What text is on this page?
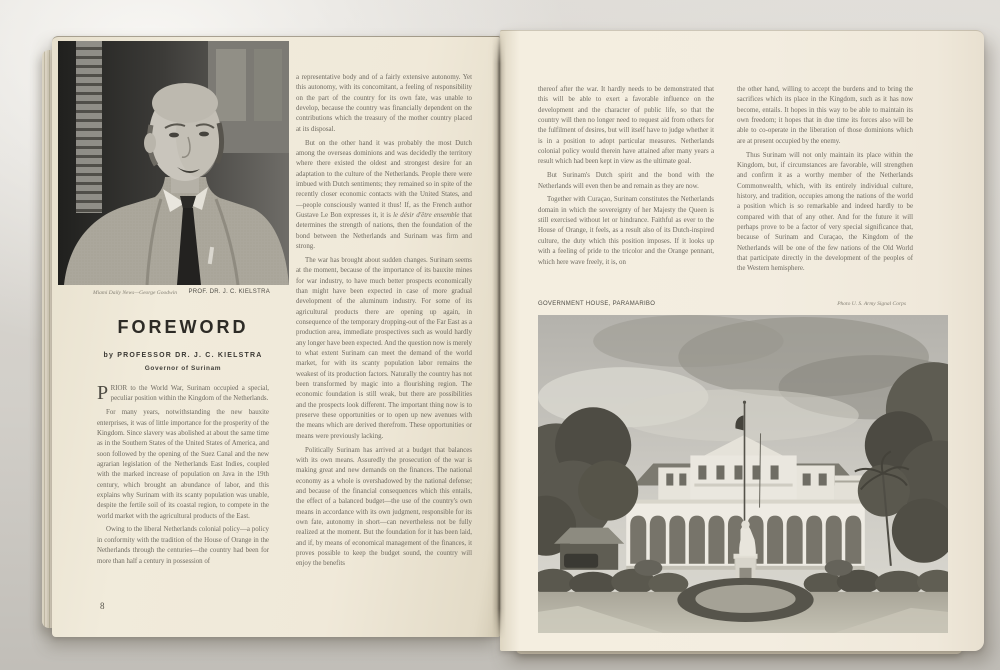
Miami Daily News—George Goodwin	PROF. DR. J. C. KIELSTRA
FOREWORD
by PROFESSOR DR. J. C. KIELSTRA
Governor of Surinam

PRIOR to the World War, Surinam occupied a special, peculiar position within the Kingdom of the Netherlands.

For many years, notwithstanding the new bauxite enterprises, it was of little importance for the prosperity of the Kingdom. Since slavery was abolished at about the same time as in the Southern States of the United States of America, and soon followed by the opening of the Suez Canal and the new agrarian legislation of the Netherlands East Indies, coupled with the marked increase of population on Java in the 19th century, which brought an abundance of labor, and this explains why Surinam with its scanty population was unable, despite the fertile soil of its coastal region, to compete in the world market with the agricultural products of the East.

Owing to the liberal Netherlands colonial policy—a policy in conformity with the tradition of the House of Orange in the Netherlands through the centuries—the country had been for more than half a century in possession of

a representative body and of a fairly extensive autonomy. Yet this autonomy, with its concomitant, a feeling of responsibility on the part of the country for its own fate, was unable to develop, because the country was financially dependent on the contributions which the treasury of the mother country placed at its disposal.

But on the other hand it was probably the most Dutch among the overseas dominions and was decidedly the territory where there existed the oldest and strongest desire for an adaptation to the culture of the Netherlands. People there were imbued with Dutch sentiments; they remained so in spite of the recently closer economic contacts with the United States, and—people consciously wanted it thus! If, as the French author Gustave Le Bon expresses it, it is le désir d'être ensemble that determines the strength of nations, then the foundation of the bond between the Netherlands and Surinam was firm and strong.

The war has brought about sudden changes. Surinam seems at the moment, because of the importance of its bauxite mines for war industry, to have much better prospects economically than might have been expected in case of more gradual development of the aluminum industry. For some of its agricultural products there are opening up again, in consequence of the temporary dropping-out of the Far East as a production area, immediate prospectives such as would hardly any longer have been expected. And the question now is merely to what extent Surinam can meet the demand of the world market, for with its scanty population labor remains the weakest of its production factors. Naturally the country has not been transformed by magic into a flourishing region. The economic foundation is still weak, but there are possibilities and the prospects look different. The important thing now is to preserve these opportunities or to open up new avenues with the means which are derived therefrom. These opportunities or means were previously lacking.

Politically Surinam has arrived at a budget that balances with its own means. Assuredly the prosecution of the war is making great and new demands on the finances. The national economy as a whole is overshadowed by the national defense; and because of the financial consequences which this entails, the effect of a balanced budget—the use of the country's own means in accordance with its own judgment, responsible for its own fate, autonomy in short—can nevertheless not be fully realized at the moment. But the foundation for it has been laid, and if, by means of economical management of the finances, it proves possible to keep the budget sound, the country will enjoy the benefits

8

thereof after the war. It hardly needs to be demonstrated that this will be able to exert a favorable influence on the development and the character of public life, so that the country will then no longer need to request aid from others for the fulfilment of desires, but will itself have to judge whether it is in a position to adopt particular measures. Netherlands colonial policy would therein have attained after many years a result which had been kept in view as the ultimate goal.

But Surinam's Dutch spirit and the bond with the Netherlands will even then be and remain as they are now.

Together with Curaçao, Surinam constitutes the Netherlands domain in which the sovereignty of her Majesty the Queen is still exercised without let or hindrance. Faithful as ever to the House of Orange, it feels, as a result also of its Dutch-inspired culture, the duty which this position imposes. If it looks up with a feeling of pride to the tricolor and the Orange pennant, which here wave freely, it is, on

the other hand, willing to accept the burdens and to bring the sacrifices which its place in the Kingdom, such as it has now become, entails. It hopes in this way to be able to maintain its own freedom; it hopes that in due time its forces also will be able to co-operate in the liberation of those dominions which are at present occupied by the enemy.

Thus Surinam will not only maintain its place within the Kingdom, but, if circumstances are favorable, will strengthen and confirm it as a worthy member of the Netherlands Commonwealth, which, with its entirely individual culture, history, and tradition, occupies among the nations of the world a position which is so remarkable and indeed hardly to be compared with that of any other. And for the future it will perhaps prove to be a factor of very special significance that, because of Surinam and Curaçao, the Kingdom of the Netherlands will be one of the few nations of the Old World that participate directly in the development of the peoples of the Western hemisphere.

GOVERNMENT HOUSE, PARAMARIBO	Photo U. S. Army Signal Corps
